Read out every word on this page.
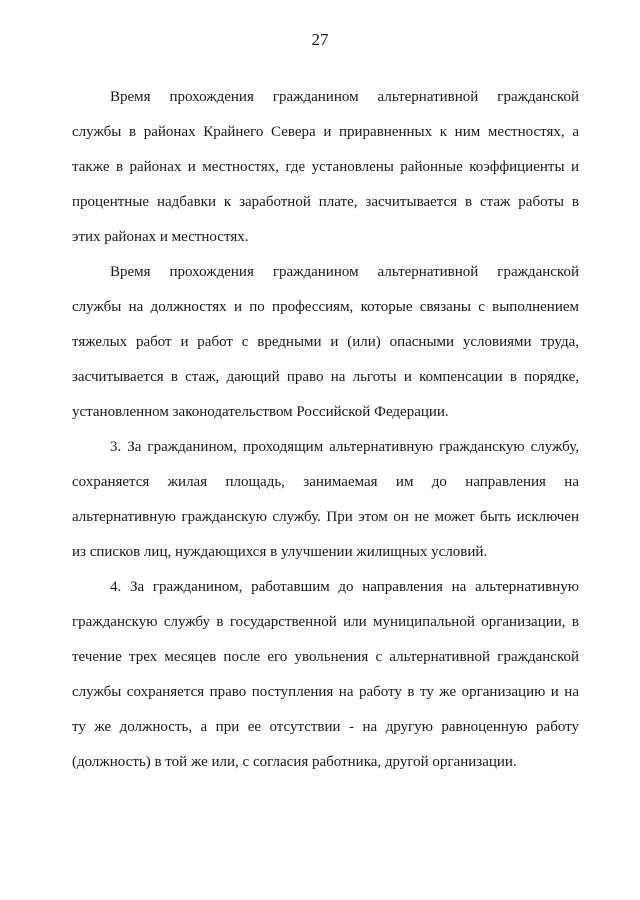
27

Время прохождения гражданином альтернативной гражданской
службы в районах Крайнего Севера и приравненных к ним местностях, а
также в районах и местностях, где установлены районные коэффициенты и
процентные надбавки к заработной плате, засчитывается в стаж работы в
этих районах и местностях.

Время прохождения гражданином альтернативной гражданской
службы на должностях и по профессиям, которые связаны с выполнением
тяжелых работ и работ с вредными и (или) опасными условиями труда,
засчитывается в стаж, дающий право на льготы и компенсации в порядке,
установленном законодательством Российской Федерации.

3. За гражданином, проходящим альтернативную гражданскую службу,
сохраняется жилая площадь, занимаемая им до направления на
альтернативную гражданскую службу. При этом он не может быть исключен
из списков лиц, нуждающихся в улучшении жилищных условий.

4. За гражданином, работавшим до направления на альтернативную
гражданскую службу в государственной или муниципальной организации, в
течение трех месяцев после его увольнения с альтернативной гражданской
службы сохраняется право поступления на работу в ту же организацию и на
ту же должность, а при ее отсутствии - на другую равноценную работу
(должность) в той же или, с согласия работника, другой организации.
